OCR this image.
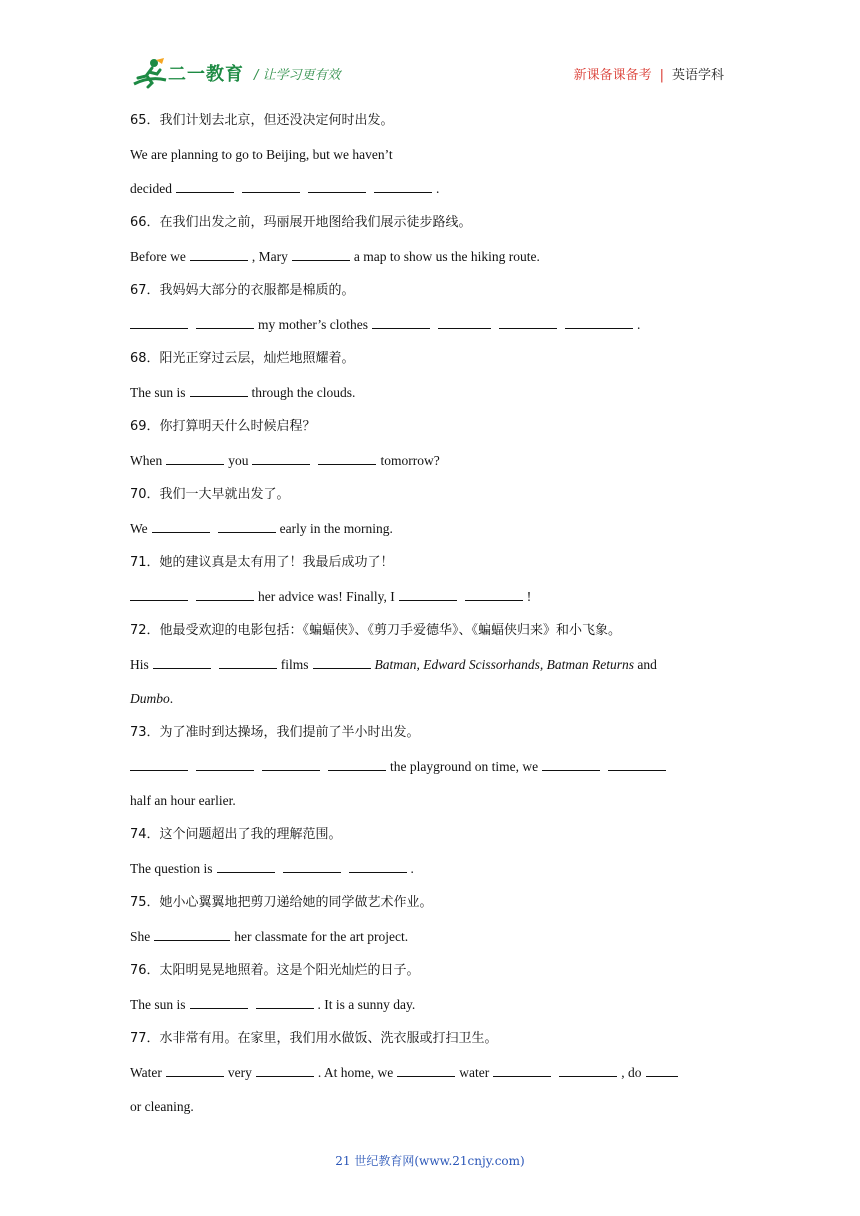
二一教育 / 让学习更有效	新课备课备考 | 英语学科
65．我们计划去北京，但还没决定何时出发。
We are planning to go to Beijing, but we haven’t
decided	.
66．在我们出发之前，玛丽展开地图给我们展示徒步路线。
Before we	, Mary	a map to show us the hiking route.
67．我妈妈大部分的衣服都是棉质的。
my mother’s clothes	.
68．阳光正穿过云层，灿烂地照耀着。
The sun is	through the clouds.
69．你打算明天什么时候启程？
When	you	tomorrow?
70．我们一大早就出发了。
We	early in the morning.
71．她的建议真是太有用了！我最后成功了！
her advice was! Finally, I	!
72．他最受欢迎的电影包括：《蝙蝠侠》、《剪刀手爱德华》、《蝙蝠侠归来》和小飞象。
His	films	Batman, Edward Scissorhands, Batman Returns and
Dumbo.
73．为了准时到达操场，我们提前了半小时出发。
the playground on time, we
half an hour earlier.
74．这个问题超出了我的理解范围。
The question is	.
75．她小心翼翼地把剪刀递给她的同学做艺术作业。
She	her classmate for the art project.
76．太阳明晃晃地照着。这是个阳光灿烂的日子。
The sun is	. It is a sunny day.
77．水非常有用。在家里，我们用水做饭、洗衣服或打扫卫生。
Water	very	. At home, we	water	, do
or cleaning.
21 世纪教育网(www.21cnjy.com)
